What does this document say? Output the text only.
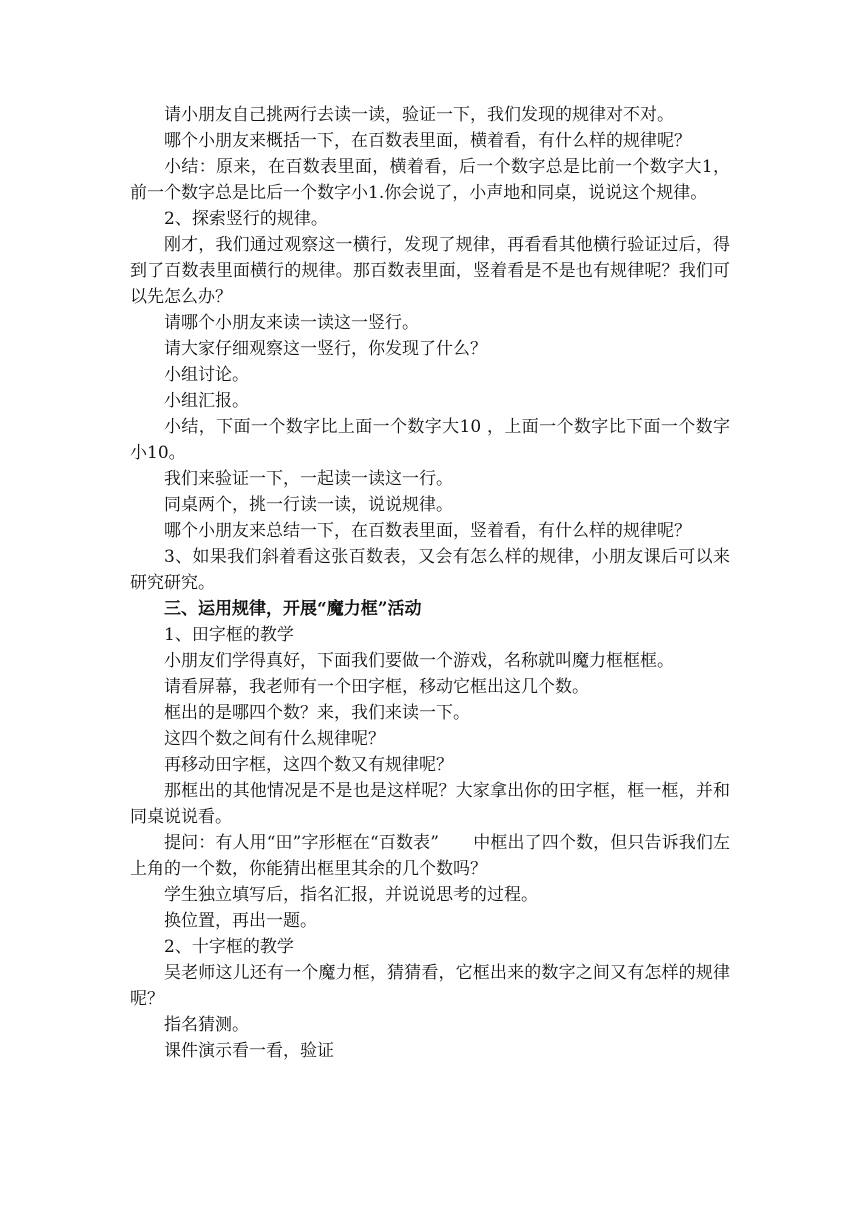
请小朋友自己挑两行去读一读，验证一下，我们发现的规律对不对。

哪个小朋友来概括一下，在百数表里面，横着看，有什么样的规律呢？

小结：原来，在百数表里面，横着看，后一个数字总是比前一个数字大1，前一个数字总是比后一个数字小1.你会说了，小声地和同桌，说说这个规律。

2、探索竖行的规律。

刚才，我们通过观察这一横行，发现了规律，再看看其他横行验证过后，得到了百数表里面横行的规律。那百数表里面，竖着看是不是也有规律呢？我们可以先怎么办？

请哪个小朋友来读一读这一竖行。

请大家仔细观察这一竖行，你发现了什么？

小组讨论。

小组汇报。

小结，下面一个数字比上面一个数字大10 ，上面一个数字比下面一个数字小10。

我们来验证一下，一起读一读这一行。

同桌两个，挑一行读一读，说说规律。

哪个小朋友来总结一下，在百数表里面，竖着看，有什么样的规律呢？

3、如果我们斜着看这张百数表，又会有怎么样的规律，小朋友课后可以来研究研究。

三、运用规律，开展“魔力框”活动

1、田字框的教学

小朋友们学得真好，下面我们要做一个游戏，名称就叫魔力框框框。

请看屏幕，我老师有一个田字框，移动它框出这几个数。

框出的是哪四个数？来，我们来读一下。

这四个数之间有什么规律呢？

再移动田字框，这四个数又有规律呢？

那框出的其他情况是不是也是这样呢？大家拿出你的田字框，框一框，并和同桌说说看。

提问：有人用“田”字形框在“百数表”　　中框出了四个数，但只告诉我们左上角的一个数，你能猜出框里其余的几个数吗？

学生独立填写后，指名汇报，并说说思考的过程。

换位置，再出一题。

2、十字框的教学

吴老师这儿还有一个魔力框，猜猜看，它框出来的数字之间又有怎样的规律呢？

指名猜测。

课件演示看一看，验证
